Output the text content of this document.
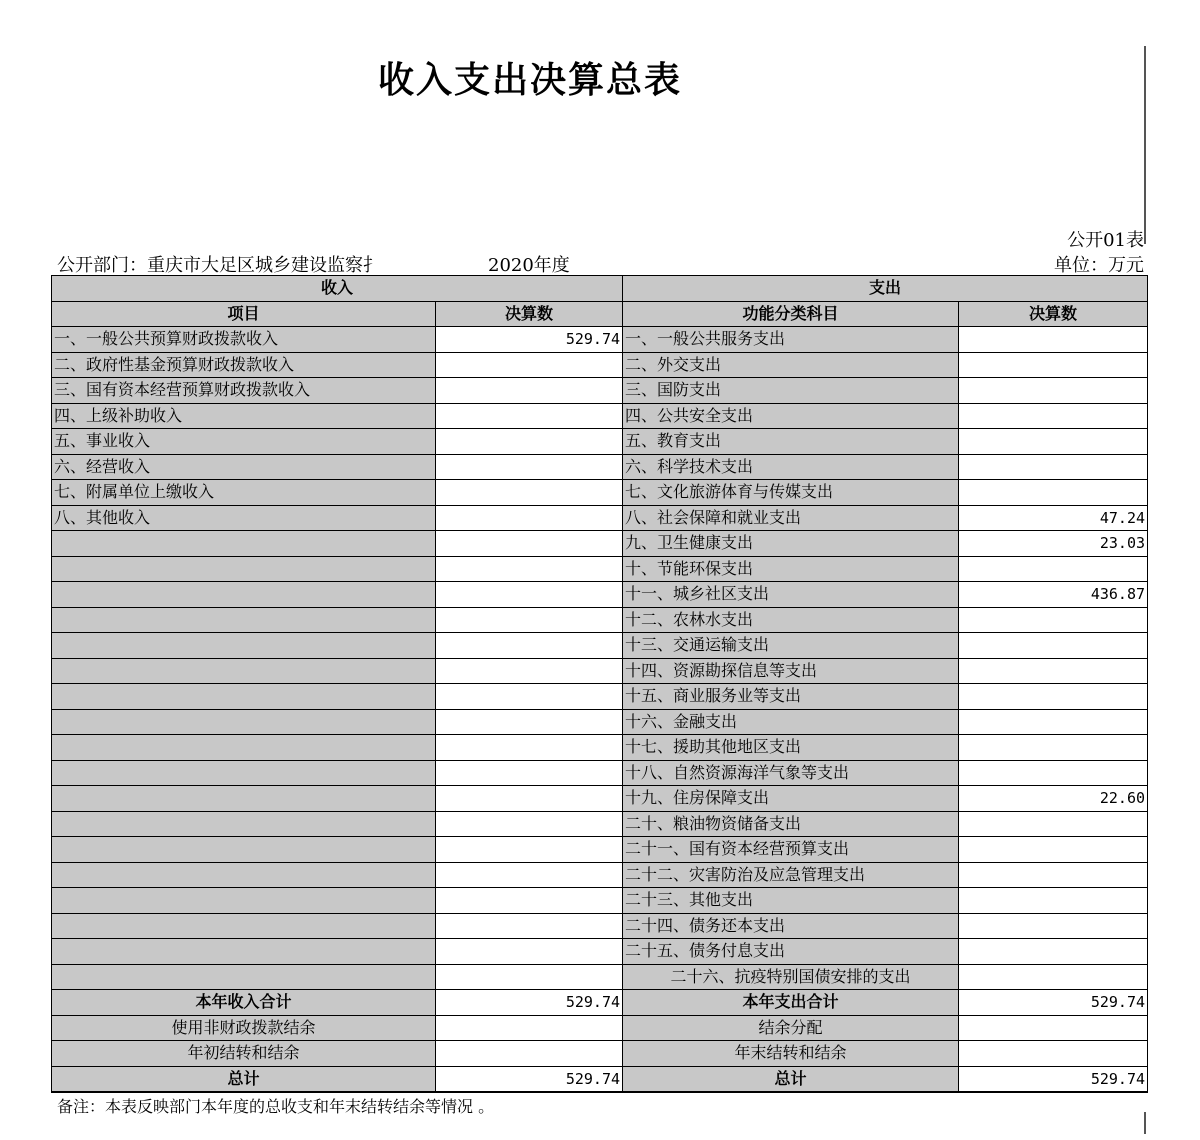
收入支出决算总表
公开01表
公开部门：重庆市大足区城乡建设监察扌	2020年度	单位：万元
收入		支出	
项目	决算数	功能分类科目	决算数
一、一般公共预算财政拨款收入	529.74	一、一般公共服务支出	
二、政府性基金预算财政拨款收入		二、外交支出	
三、国有资本经营预算财政拨款收入		三、国防支出	
四、上级补助收入		四、公共安全支出	
五、事业收入		五、教育支出	
六、经营收入		六、科学技术支出	
七、附属单位上缴收入		七、文化旅游体育与传媒支出	
八、其他收入		八、社会保障和就业支出	47.24
		九、卫生健康支出	23.03
		十、节能环保支出	
		十一、城乡社区支出	436.87
		十二、农林水支出	
		十三、交通运输支出	
		十四、资源勘探信息等支出	
		十五、商业服务业等支出	
		十六、金融支出	
		十七、援助其他地区支出	
		十八、自然资源海洋气象等支出	
		十九、住房保障支出	22.60
		二十、粮油物资储备支出	
		二十一、国有资本经营预算支出	
		二十二、灾害防治及应急管理支出	
		二十三、其他支出	
		二十四、债务还本支出	
		二十五、债务付息支出	
		二十六、抗疫特别国债安排的支出	
本年收入合计	529.74	本年支出合计	529.74
使用非财政拨款结余		结余分配	
年初结转和结余		年末结转和结余	
总计	529.74	总计	529.74
备注：本表反映部门本年度的总收支和年末结转结余等情况 。
